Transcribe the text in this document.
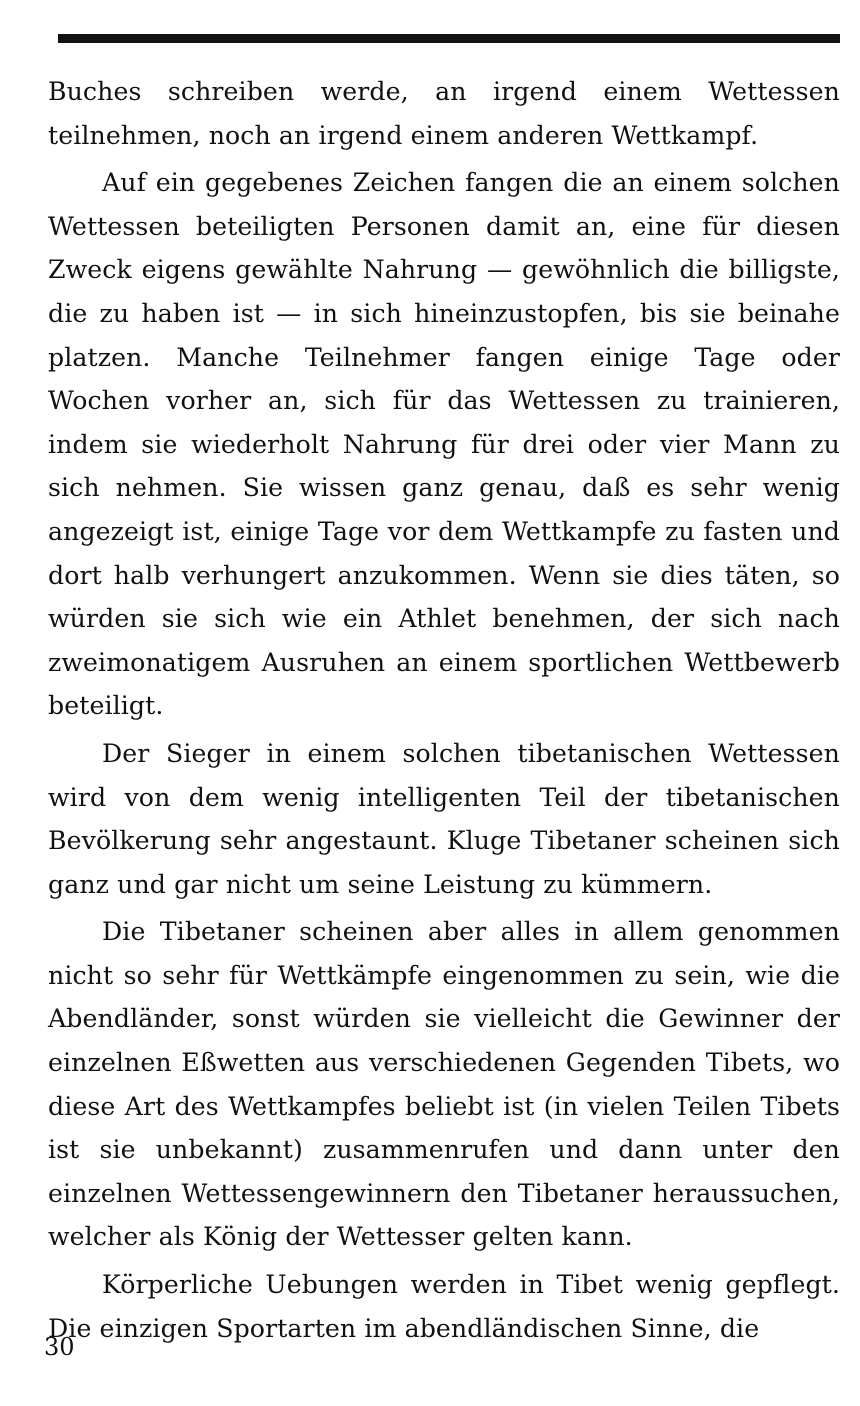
Buches schreiben werde, an irgend einem Wettessen teilnehmen, noch an irgend einem anderen Wettkampf.

Auf ein gegebenes Zeichen fangen die an einem solchen Wettessen beteiligten Personen damit an, eine für diesen Zweck eigens gewählte Nahrung — gewöhnlich die billigste, die zu haben ist — in sich hineinzustopfen, bis sie beinahe platzen. Manche Teilnehmer fangen einige Tage oder Wochen vorher an, sich für das Wettessen zu trainieren, indem sie wiederholt Nahrung für drei oder vier Mann zu sich nehmen. Sie wissen ganz genau, daß es sehr wenig angezeigt ist, einige Tage vor dem Wettkampfe zu fasten und dort halb verhungert anzukommen. Wenn sie dies täten, so würden sie sich wie ein Athlet benehmen, der sich nach zweimonatigem Ausruhen an einem sportlichen Wettbewerb beteiligt.

Der Sieger in einem solchen tibetanischen Wettessen wird von dem wenig intelligenten Teil der tibetanischen Bevölkerung sehr angestaunt. Kluge Tibetaner scheinen sich ganz und gar nicht um seine Leistung zu kümmern.

Die Tibetaner scheinen aber alles in allem genommen nicht so sehr für Wettkämpfe eingenommen zu sein, wie die Abendländer, sonst würden sie vielleicht die Gewinner der einzelnen Eßwetten aus verschiedenen Gegenden Tibets, wo diese Art des Wettkampfes beliebt ist (in vielen Teilen Tibets ist sie unbekannt) zusammenrufen und dann unter den einzelnen Wettessengewinnern den Tibetaner heraussuchen, welcher als König der Wettesser gelten kann.

Körperliche Uebungen werden in Tibet wenig gepflegt. Die einzigen Sportarten im abendländischen Sinne, die

30
